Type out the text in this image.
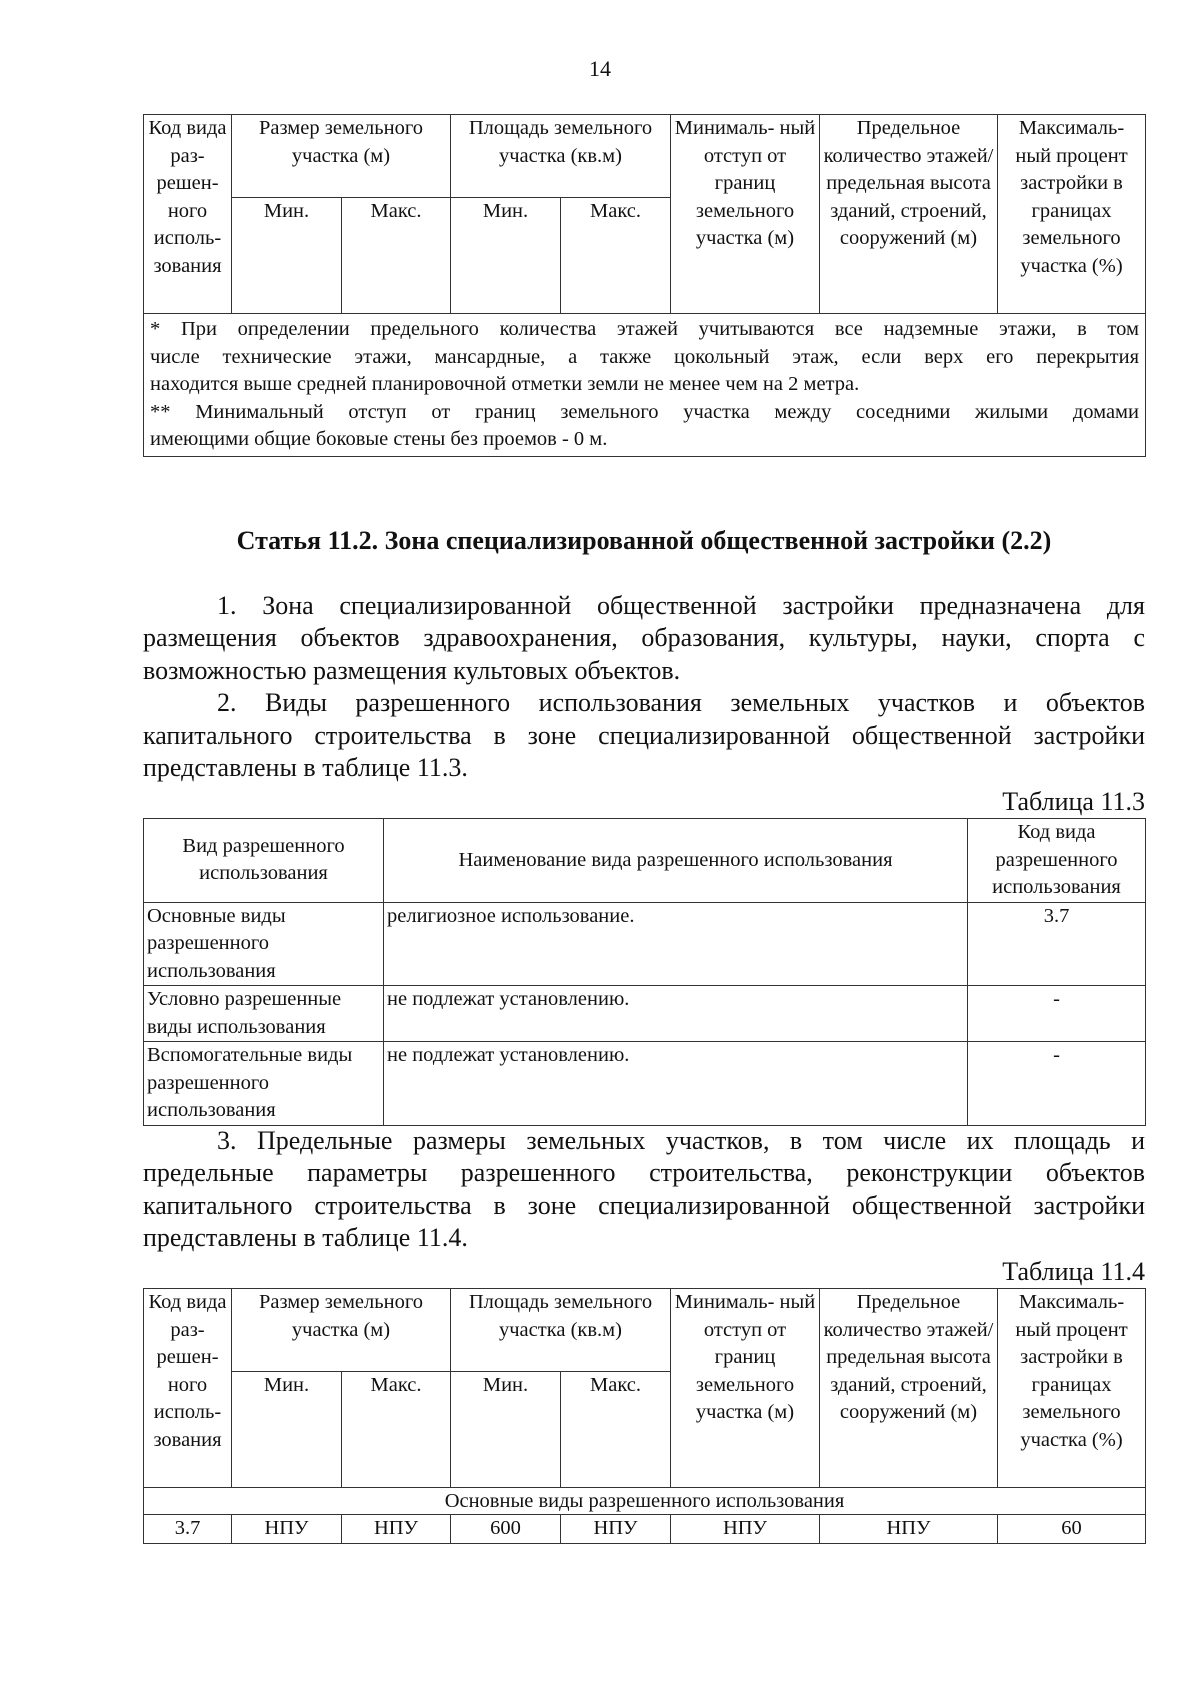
14
Код вида раз- решен- ного исполь- зования	Размер земельного участка (м)		Площадь земельного участка (кв.м)		Минималь- ный отступ от границ земельного участка (м)	Предельное количество этажей/ предельная высота зданий, строений, сооружений (м)	Максималь- ный процент застройки в границах земельного участка (%)
	Мин.	Макс.	Мин.	Макс.			

* При определении предельного количества этажей учитываются все надземные этажи, в том

числе технические этажи, мансардные, а также цокольный этаж, если верх его перекрытия

находится выше средней планировочной отметки земли не менее чем на 2 метра.

** Минимальный отступ от границ земельного участка между соседними жилыми домами

имеющими общие боковые стены без проемов - 0 м.							

Статья 11.2. Зона специализированной общественной застройки (2.2)

1. Зона специализированной общественной застройки предназначена для
размещения объектов здравоохранения, образования, культуры, науки, спорта с
возможностью размещения культовых объектов.

2. Виды разрешенного использования земельных участков и объектов
капитального строительства в зоне специализированной общественной застройки
представлены в таблице 11.3.

Таблица 11.3
Вид разрешенного использования	Наименование вида разрешенного использования	Код вида разрешенного использования
Основные виды разрешенного использования	религиозное использование.	3.7
Условно разрешенные виды использования	не подлежат установлению.	-
Вспомогательные виды разрешенного использования	не подлежат установлению.	-

3. Предельные размеры земельных участков, в том числе их площадь и
предельные параметры разрешенного строительства, реконструкции объектов
капитального строительства в зоне специализированной общественной застройки
представлены в таблице 11.4.

Таблица 11.4
Код вида раз- решен- ного исполь- зования	Размер земельного участка (м)		Площадь земельного участка (кв.м)		Минималь- ный отступ от границ земельного участка (м)	Предельное количество этажей/ предельная высота зданий, строений, сооружений (м)	Максималь- ный процент застройки в границах земельного участка (%)
	Мин.	Макс.	Мин.	Макс.			
Основные виды разрешенного использования							
3.7	НПУ	НПУ	600	НПУ	НПУ	НПУ	60
